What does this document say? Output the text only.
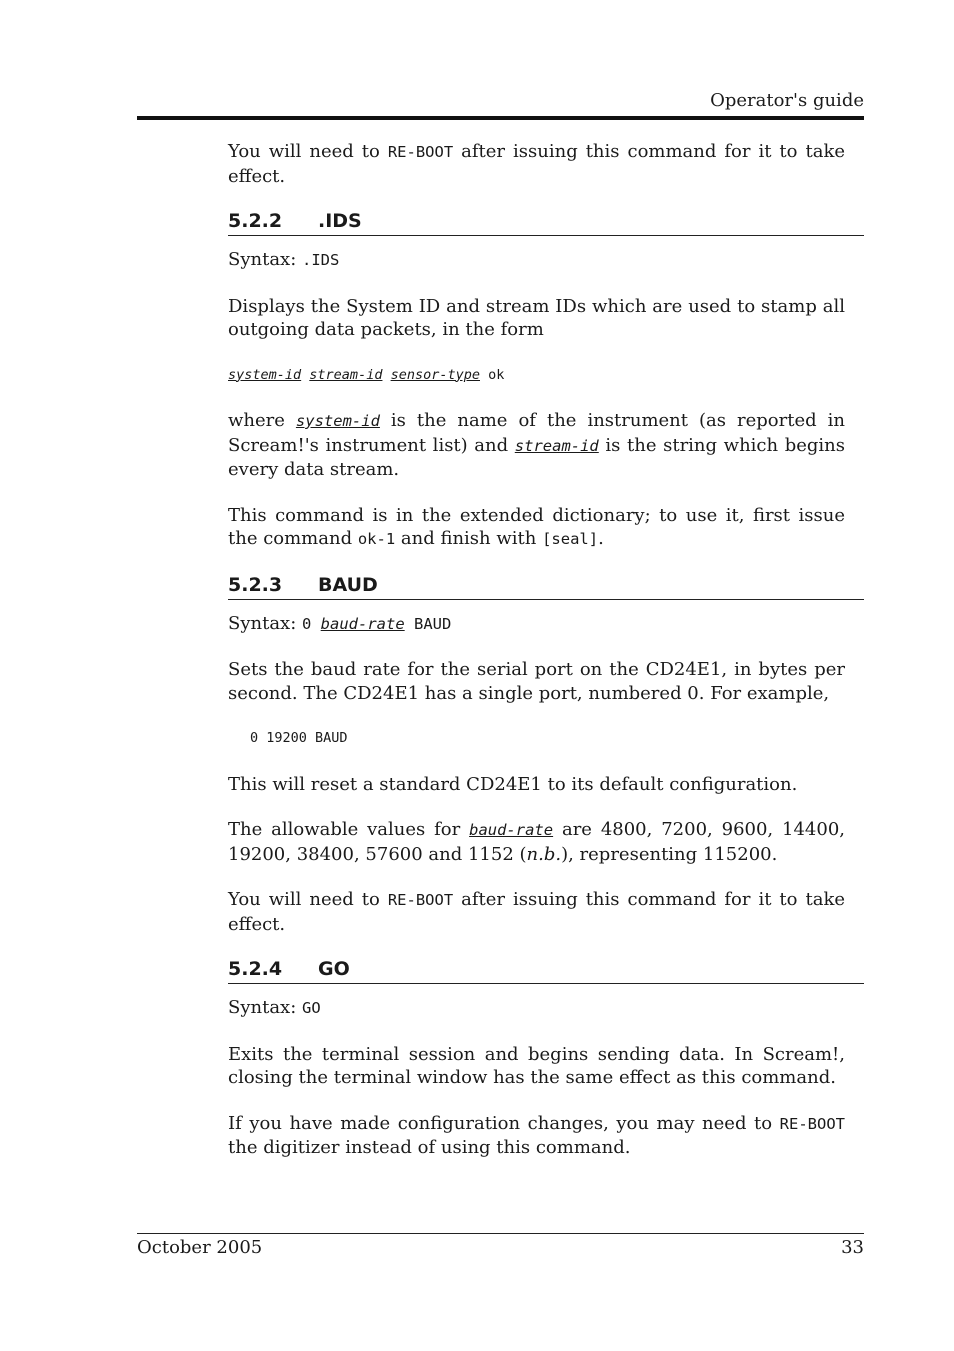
Operator's guide

You will need to RE-BOOT after issuing this command for it to take effect.

5.2.2 .IDS

Syntax: .IDS

Displays the System ID and stream IDs which are used to stamp all outgoing data packets, in the form

system-id stream-id sensor-type ok

where system-id is the name of the instrument (as reported in Scream!'s instrument list) and stream-id is the string which begins every data stream.

This command is in the extended dictionary; to use it, first issue the command ok-1 and finish with [seal].

5.2.3 BAUD

Syntax: 0 baud-rate BAUD

Sets the baud rate for the serial port on the CD24E1, in bytes per second. The CD24E1 has a single port, numbered 0. For example,

0 19200 BAUD

This will reset a standard CD24E1 to its default configuration.

The allowable values for baud-rate are 4800, 7200, 9600, 14400, 19200, 38400, 57600 and 1152 (n.b.), representing 115200.

You will need to RE-BOOT after issuing this command for it to take effect.

5.2.4 GO

Syntax: GO

Exits the terminal session and begins sending data. In Scream!, closing the terminal window has the same effect as this command.

If you have made configuration changes, you may need to RE-BOOT the digitizer instead of using this command.

October 2005	33
